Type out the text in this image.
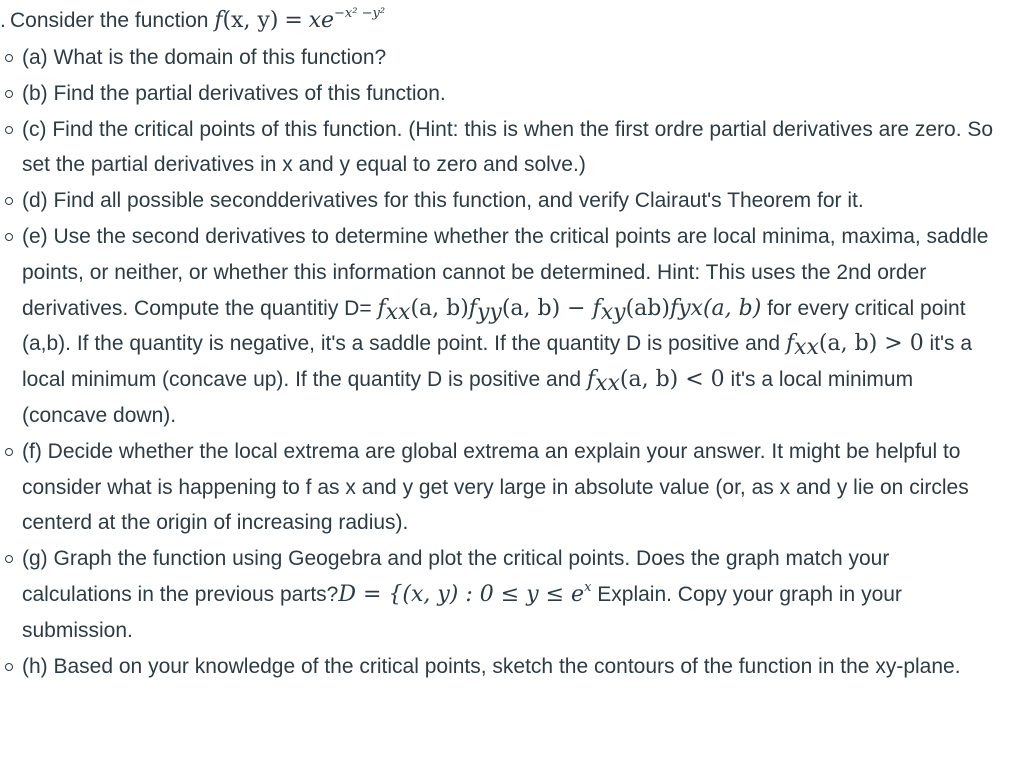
. Consider the function f(x, $y) = xe^{-x^2 -y^2}$
(a) What is the domain of this function?
(b) Find the partial derivatives of this function.
(c) Find the critical points of this function. (Hint: this is when the first ordre partial derivatives are zero. So set the partial derivatives in x and y equal to zero and solve.)
(d) Find all possible secondderivatives for this function, and verify Clairaut's Theorem for it.
(e) Use the second derivatives to determine whether the critical points are local minima, maxima, saddle points, or neither, or whether this information cannot be determined. Hint: This uses the 2nd order derivatives. Compute the quantitiy $D= f_{xx}(a$, $b)f_{yy}(a$, $b) - f_{xy}(ab)fyx(a$, b) for every critical point (a,b). If the quantity is negative, it's a saddle point. If the quantity D is positive and $f_{xx}(a$, b) > 0 it's a local minimum (concave up). If the quantity D is positive and $f_{xx}(a$, b) < 0 it's a local minimum (concave down).
(f) Decide whether the local extrema are global extrema an explain your answer. It might be helpful to consider what is happening to f as x and y get very large in absolute value (or, as x and y lie on circles centerd at the origin of increasing radius).
(g) Graph the function using Geogebra and plot the critical points. Does the graph match your calculations in the previous parts?D = {(x, y) : $0 \le y \le e^x$ Explain. Copy your graph in your submission.
(h) Based on your knowledge of the critical points, sketch the contours of the function in the xy-plane.
